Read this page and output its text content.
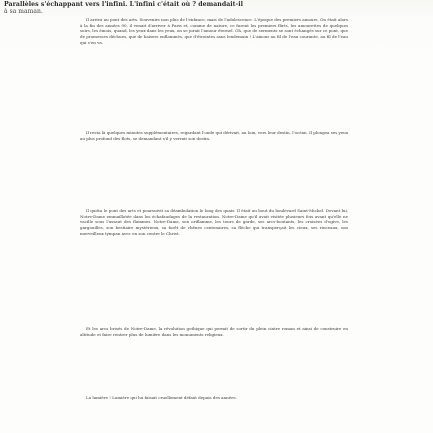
Parallèles s'échappant vers l'infini. L'infini c'était où ? demandait-il
à sa maman.

Il arriva au pont des arts. Souvenirs non plus de l'enfance, mais de l'adolescence. L'époque des premiers amours. On était alors à la fin des années 90, il venait d'arriver à Paris et, comme de nature, ce furent les premiers flirts, les amourettes de quelques soirs, les émois, quand, les yeux dans les yeux, on se jurait l'amour éternel. Oh, que de serments se sont échangés sur ce pont, que de promesses déchues, que de baisers enflammés, que d'étreintes sans lendemain ! L'amour au fil de l'eau courante, au fil de l'eau qui s'en va.

Il resta là quelques minutes supplémentaires, regardant l'onde qui dérivait, au loin, vers leur destin, l'océan. Il plongea ses yeux au plus profond des flots, se demandant s'il y verrait son destin.

Il quitta le pont des arts et poursuivit sa déambulation le long des quais. Il était au bout du boulevard Saint-Michel. Devant lui, Notre-Dame emmaillotée dans les échafaudages de la restauration. Notre-Dame qu'il avait visitée plusieurs fois avant qu'elle ne vacille sous l'assaut des flammes. Notre-Dame, son oriflamme, les tours de garde, ses arcs-boutants, les croisées d'ogive, les gargouilles, son bestiaire mystérieux, sa forêt de chênes centenaires, sa flèche qui transperçait les cieux, ses rinceaux, son merveilleux tympan avec en son centre le Christ.

Et les arcs brisés de Notre-Dame, la révolution gothique qui permit de sortir du plein cintre roman et ainsi de construire en altitude et faire rentrer plus de lumière dans les monuments religieux.

La lumière ! Lumière qui lui faisait cruellement défaut depuis des années.
